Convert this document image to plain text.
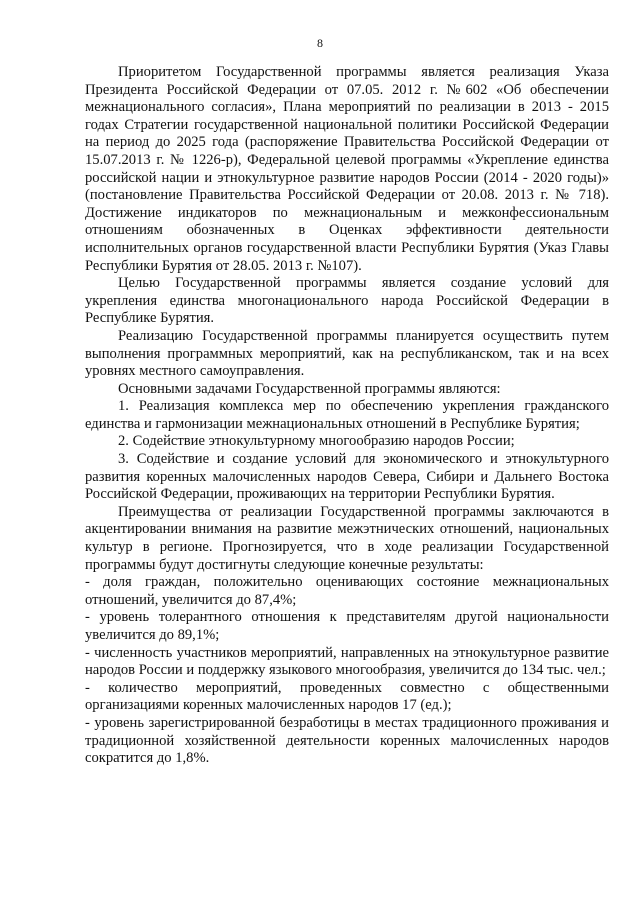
8

Приоритетом Государственной программы является реализация Указа Президента Российской Федерации от 07.05. 2012 г. №602 «Об обеспечении межнационального согласия», Плана мероприятий по реализации в 2013 - 2015 годах Стратегии государственной национальной политики Российской Федерации на период до 2025 года (распоряжение Правительства Российской Федерации от 15.07.2013 г. № 1226-р), Федеральной целевой программы «Укрепление единства российской нации и этнокультурное развитие народов России (2014 - 2020 годы)» (постановление Правительства Российской Федерации от 20.08. 2013 г. № 718). Достижение индикаторов по межнациональным и межконфессиональным отношениям обозначенных в Оценках эффективности деятельности исполнительных органов государственной власти Республики Бурятия (Указ Главы Республики Бурятия от 28.05. 2013 г. №107).

Целью Государственной программы является создание условий для укрепления единства многонационального народа Российской Федерации в Республике Бурятия.

Реализацию Государственной программы планируется осуществить путем выполнения программных мероприятий, как на республиканском, так и на всех уровнях местного самоуправления.

Основными задачами Государственной программы являются:

1. Реализация комплекса мер по обеспечению укрепления гражданского единства и гармонизации межнациональных отношений в Республике Бурятия;

2. Содействие этнокультурному многообразию народов России;

3. Содействие и создание условий для экономического и этнокультурного развития коренных малочисленных народов Севера, Сибири и Дальнего Востока Российской Федерации, проживающих на территории Республики Бурятия.

Преимущества от реализации Государственной программы заключаются в акцентировании внимания на развитие межэтнических отношений, национальных культур в регионе. Прогнозируется, что в ходе реализации Государственной программы будут достигнуты следующие конечные результаты:

- доля граждан, положительно оценивающих состояние межнациональных отношений, увеличится до 87,4%;

- уровень толерантного отношения к представителям другой национальности увеличится до 89,1%;

- численность участников мероприятий, направленных на этнокультурное развитие народов России и поддержку языкового многообразия, увеличится до 134 тыс. чел.;

- количество мероприятий, проведенных совместно с общественными организациями коренных малочисленных народов 17 (ед.);

- уровень зарегистрированной безработицы в местах традиционного проживания и традиционной хозяйственной деятельности коренных малочисленных народов сократится до 1,8%.
